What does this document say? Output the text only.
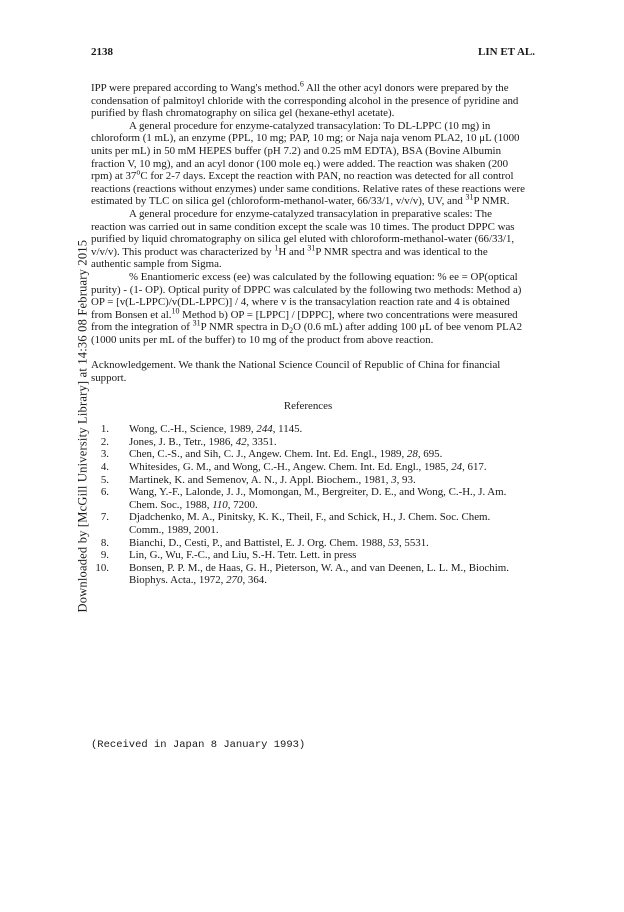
Downloaded by [McGill University Library] at 14:36 08 February 2015
2138	LIN ET AL.

IPP were prepared according to Wang's method.$^6$ All the other acyl donors were prepared by the condensation of palmitoyl chloride with the corresponding alcohol in the presence of pyridine and purified by flash chromatography on silica gel (hexane-ethyl acetate).

A general procedure for enzyme-catalyzed transacylation: To DL-LPPC (10 mg) in chloroform (1 mL), an enzyme (PPL, 10 mg; PAP, 10 mg; or Naja naja venom PLA2, 10 μL (1000 units per mL) in 50 mM HEPES buffer (pH 7.2) and 0.25 mM EDTA), BSA (Bovine Albumin fraction V, 10 mg), and an acyl donor (100 mole eq.) were added. The reaction was shaken (200 rpm) at 37$^o$C for 2-7 days. Except the reaction with PAN, no reaction was detected for all control reactions (reactions without enzymes) under same conditions. Relative rates of these reactions were estimated by TLC on silica gel (chloroform-methanol-water, 66/33/1, v/v/v), UV, and $^{31}$P NMR.

A general procedure for enzyme-catalyzed transacylation in preparative scales: The reaction was carried out in same condition except the scale was 10 times. The product DPPC was purified by liquid chromatography on silica gel eluted with chloroform-methanol-water (66/33/1, v/v/v). This product was characterized by $^1$H and $^{31}$P NMR spectra and was identical to the authentic sample from Sigma.

% Enantiomeric excess (ee) was calculated by the following equation: % ee = OP(optical purity) - (1- OP). Optical purity of DPPC was calculated by the following two methods: Method a) OP = [v(L-LPPC)/v(DL-LPPC)] / 4, where v is the transacylation reaction rate and 4 is obtained from Bonsen et al.$^{10}$ Method b) OP = [LPPC] / [DPPC], where two concentrations were measured from the integration of $^{31}$P NMR spectra in $D_2O$ (0.6 mL) after adding 100 μL of bee venom PLA2 (1000 units per mL of the buffer) to 10 mg of the product from above reaction.

Acknowledgement. We thank the National Science Council of Republic of China for financial support.

References
1. Wong, C.-H., Science, 1989, 244, 1145.
2. Jones, J. B., Tetr., 1986, 42, 3351.
3. Chen, C.-S., and Sih, C. J., Angew. Chem. Int. Ed. Engl., 1989, 28, 695.
4. Whitesides, G. M., and Wong, C.-H., Angew. Chem. Int. Ed. Engl., 1985, 24, 617.
5. Martinek, K. and Semenov, A. N., J. Appl. Biochem., 1981, 3, 93.
6. Wang, Y.-F., Lalonde, J. J., Momongan, M., Bergreiter, D. E., and Wong, C.-H., J. Am. Chem. Soc., 1988, 110, 7200.
7. Djadchenko, M. A., Pinitsky, K. K., Theil, F., and Schick, H., J. Chem. Soc. Chem. Comm., 1989, 2001.
8. Bianchi, D., Cesti, P., and Battistel, E. J. Org. Chem. 1988, 53, 5531.
9. Lin, G., Wu, F.-C., and Liu, S.-H. Tetr. Lett. in press
10. Bonsen, P. P. M., de Haas, G. H., Pieterson, W. A., and van Deenen, L. L. M., Biochim. Biophys. Acta., 1972, 270, 364.
(Received in Japan 8 January 1993)
